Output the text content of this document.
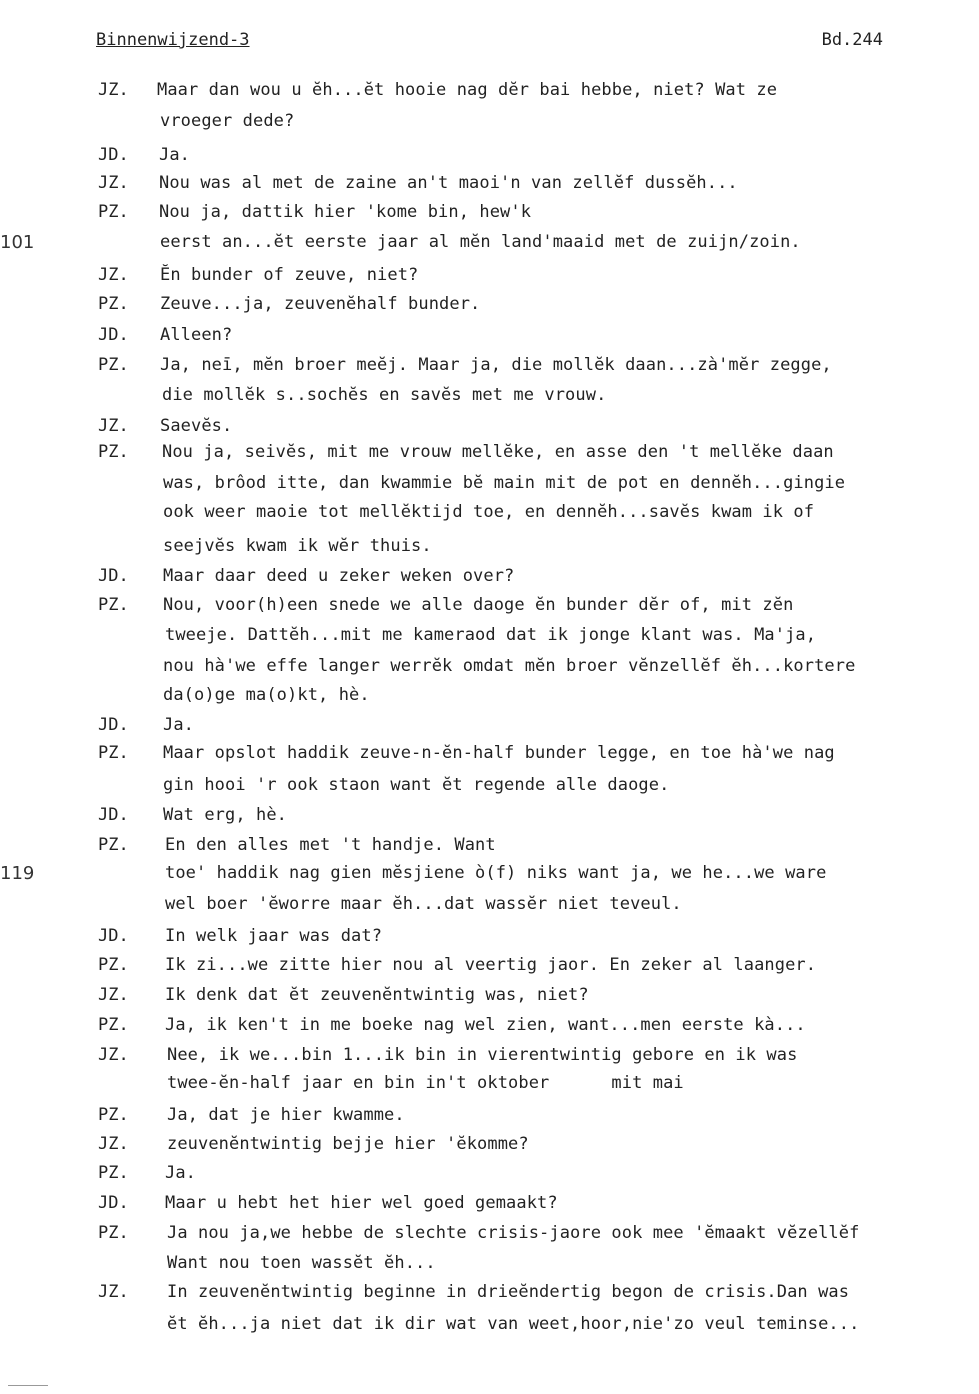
Binnenwijzend-3	Bd.244
101
119
JZ. Maar dan wou u ĕh...ĕt hooie nag dĕr bai hebbe, niet? Wat ze
vroeger dede?
JD. Ja.
JZ. Nou was al met de zaine an't maoi'n van zellĕf dussĕh...
PZ. Nou ja, dattik hier 'kome bin, hew'k
eerst an...ĕt eerste jaar al mĕn land'maaid met de zuijn/zoin.
JZ. Ĕn bunder of zeuve, niet?
PZ. Zeuve...ja, zeuvenĕhalf bunder.
JD. Alleen?
PZ. Ja, neī, mĕn broer meĕj. Maar ja, die mollĕk daan...zà'mĕr zegge,
die mollĕk s..sochĕs en savĕs met me vrouw.
JZ. Saevĕs.
PZ. Nou ja, seivĕs, mit me vrouw mellĕke, en asse den 't mellĕke daan
was, brôod itte, dan kwammie bĕ main mit de pot en dennĕh...gingie
ook weer maoie tot mellĕktijd toe, en dennĕh...savĕs kwam ik of
seejvĕs kwam ik wĕr thuis.
JD. Maar daar deed u zeker weken over?
PZ. Nou, voor(h)een snede we alle daoge ĕn bunder dĕr of, mit zĕn
tweeje. Dattĕh...mit me kameraod dat ik jonge klant was. Ma'ja,
nou hà'we effe langer werrĕk omdat mĕn broer vĕnzellĕf ĕh...kortere
da(o)ge ma(o)kt, hè.
JD. Ja.
PZ. Maar opslot haddik zeuve-n-ĕn-half bunder legge, en toe hà'we nag
gin hooi 'r ook staon want ĕt regende alle daoge.
JD. Wat erg, hè.
PZ. En den alles met 't handje. Want
toe' haddik nag gien mĕsjiene ò(f) niks want ja, we he...we ware
wel boer 'ĕworre maar ĕh...dat wassĕr niet teveul.
JD. In welk jaar was dat?
PZ. Ik zi...we zitte hier nou al veertig jaor. En zeker al laanger.
JZ. Ik denk dat ĕt zeuvenĕntwintig was, niet?
PZ. Ja, ik ken't in me boeke nag wel zien, want...men eerste kà...
JZ. Nee, ik we...bin 1...ik bin in vierentwintig gebore en ik was
twee-ĕn-half jaar en bin in't oktober      mit mai
PZ. Ja, dat je hier kwamme.
JZ. zeuvenĕntwintig bejje hier 'ĕkomme?
PZ. Ja.
JD. Maar u hebt het hier wel goed gemaakt?
PZ. Ja nou ja,we hebbe de slechte crisis-jaore ook mee 'ĕmaakt vĕzellĕf
Want nou toen wassĕt ĕh...
JZ. In zeuvenĕntwintig beginne in drieĕndertig begon de crisis.Dan was
ĕt ĕh...ja niet dat ik dir wat van weet,hoor,nie'zo veul teminse...
